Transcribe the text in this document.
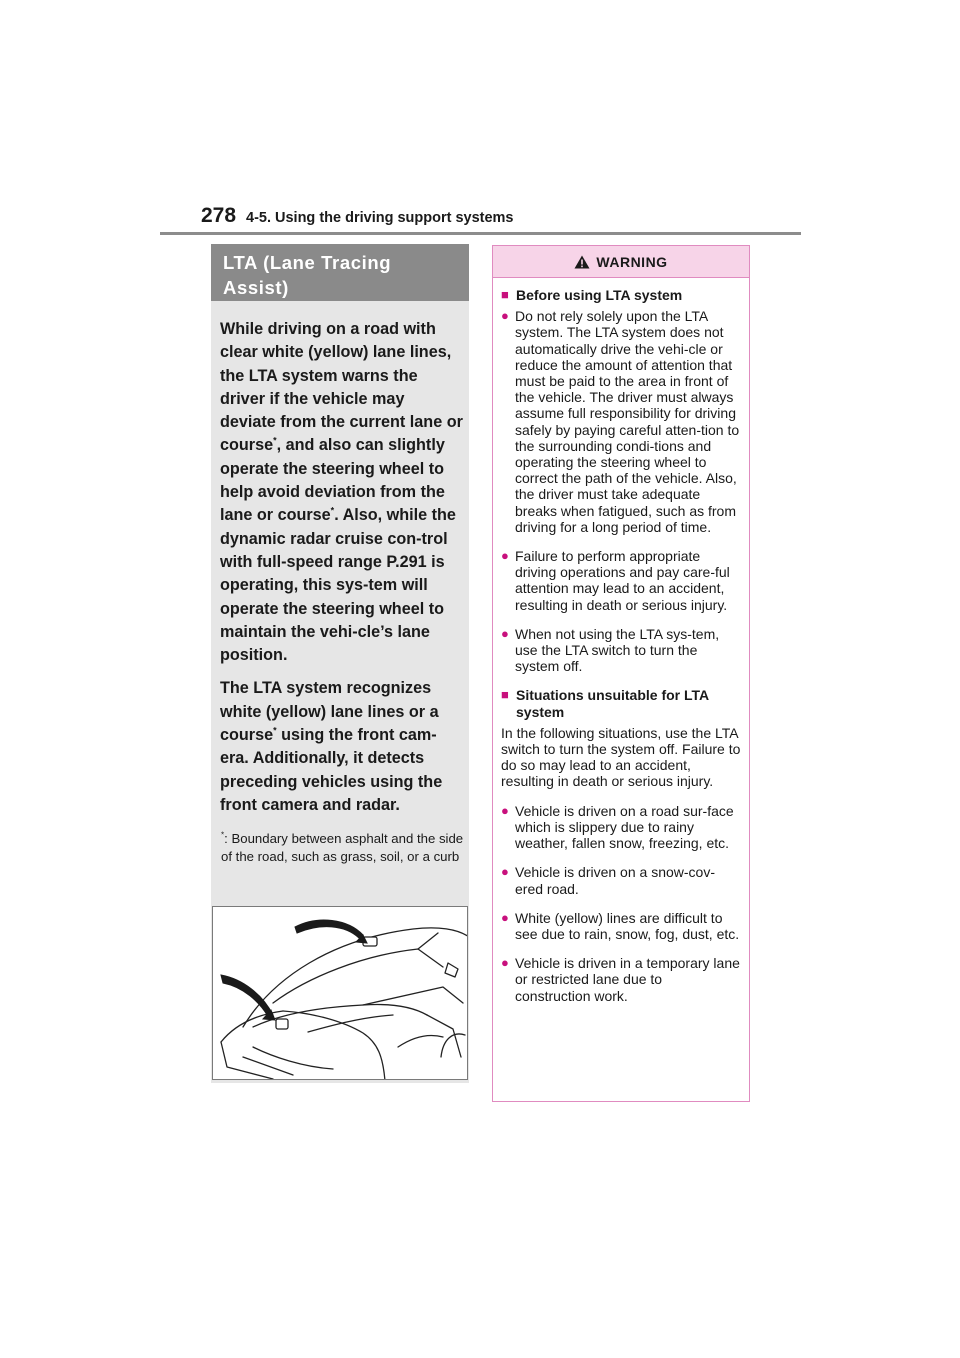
278 4-5. Using the driving support systems
LTA (Lane Tracing
Assist)

While driving on a road with clear white (yellow) lane lines, the LTA system warns the driver if the vehicle may deviate from the current lane or course*, and also can slightly operate the steering wheel to help avoid deviation from the lane or course*. Also, while the dynamic radar cruise con-trol with full-speed range P.291 is operating, this sys-tem will operate the steering wheel to maintain the vehi-cle’s lane position.

The LTA system recognizes white (yellow) lane lines or a course* using the front cam-era. Additionally, it detects preceding vehicles using the front camera and radar.

*: Boundary between asphalt and the side of the road, such as grass, soil, or a curb
WARNING
■ Before using LTA system
● Do not rely solely upon the LTA system. The LTA system does not automatically drive the vehi-cle or reduce the amount of attention that must be paid to the area in front of the vehicle. The driver must always assume full responsibility for driving safely by paying careful atten-tion to the surrounding condi-tions and operating the steering wheel to correct the path of the vehicle. Also, the driver must take adequate breaks when fatigued, such as from driving for a long period of time.
● Failure to perform appropriate driving operations and pay care-ful attention may lead to an accident, resulting in death or serious injury.
● When not using the LTA sys-tem, use the LTA switch to turn the system off.
■ Situations unsuitable for LTA system
In the following situations, use the LTA switch to turn the system off. Failure to do so may lead to an accident, resulting in death or serious injury.
● Vehicle is driven on a road sur-face which is slippery due to rainy weather, fallen snow, freezing, etc.
● Vehicle is driven on a snow-cov-ered road.
● White (yellow) lines are difficult to see due to rain, snow, fog, dust, etc.
● Vehicle is driven in a temporary lane or restricted lane due to construction work.
